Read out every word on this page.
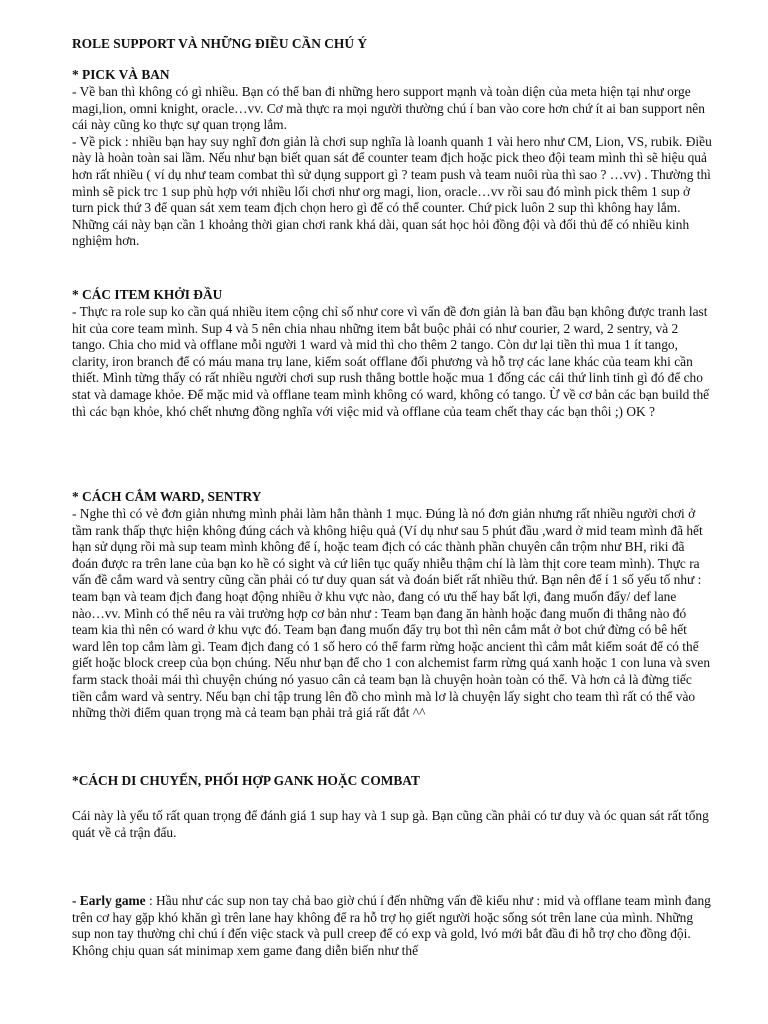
ROLE SUPPORT VÀ NHỮNG ĐIỀU CẦN CHÚ Ý

* PICK VÀ BAN

- Về ban thì không có gì nhiều. Bạn có thể ban đi những hero support mạnh và toàn diện của meta hiện tại như orge magi,lion, omni knight, oracle…vv. Cơ mà thực ra mọi người thường chú í ban vào core hơn chứ ít ai ban support nên cái này cũng ko thực sự quan trọng lắm.

- Về pick : nhiều bạn hay suy nghĩ đơn giản là chơi sup nghĩa là loanh quanh 1 vài hero như CM, Lion, VS, rubik. Điều này là hoàn toàn sai lầm. Nếu như bạn biết quan sát để counter team địch hoặc pick theo đội team mình thì sẽ hiệu quả hơn rất nhiều ( ví dụ như team combat thì sử dụng support gì ? team push và team nuôi rùa thì sao ? …vv) . Thường thì mình sẽ pick trc 1 sup phù hợp với nhiều lối chơi như org magi, lion, oracle…vv rồi sau đó mình pick thêm 1 sup ở turn pick thứ 3 để quan sát xem team địch chọn hero gì để có thể counter. Chứ pick luôn 2 sup thì không hay lắm. Những cái này bạn cần 1 khoảng thời gian chơi rank khá dài, quan sát học hỏi đồng đội và đối thủ để có nhiều kinh nghiệm hơn.

* CÁC ITEM KHỞI ĐẦU

- Thực ra role sup ko cần quá nhiều item cộng chỉ số như core vì vấn đề đơn giản là ban đầu bạn không được tranh last hit của core team mình. Sup 4 và 5 nên chia nhau những item bắt buộc phải có như courier, 2 ward, 2 sentry, và 2 tango. Chia cho mid và offlane mỗi người 1 ward và mid thì cho thêm 2 tango. Còn dư lại tiền thì mua 1 ít tango, clarity, iron branch để có máu mana trụ lane, kiểm soát offlane đối phương và hỗ trợ các lane khác của team khi cần thiết. Mình từng thấy có rất nhiều người chơi sup rush thẳng bottle hoặc mua 1 đống các cái thứ linh tinh gì đó để cho stat và damage khỏe. Để mặc mid và offlane team mình không có ward, không có tango. Ừ về cơ bản các bạn build thế thì các bạn khỏe, khó chết nhưng đồng nghĩa với việc mid và offlane của team chết thay các bạn thôi ;) OK ?

* CÁCH CẮM WARD, SENTRY

- Nghe thì có vẻ đơn giản nhưng mình phải làm hẳn thành 1 mục. Đúng là nó đơn giản nhưng rất nhiều người chơi ở tầm rank thấp thực hiện không đúng cách và không hiệu quả (Ví dụ như sau 5 phút đầu ,ward ở mid team mình đã hết hạn sử dụng rồi mà sup team mình không để í, hoặc team địch có các thành phần chuyên cắn trộm như BH, riki đã đoán được ra trên lane của bạn ko hề có sight và cứ liên tục quấy nhiễu thậm chí là làm thịt core team mình). Thực ra vấn đề cắm ward và sentry cũng cần phải có tư duy quan sát và đoán biết rất nhiều thứ. Bạn nên để í 1 số yếu tố như : team bạn và team địch đang hoạt động nhiều ở khu vực nào, đang có ưu thế hay bất lợi, đang muốn đẩy/ def lane nào…vv. Mình có thể nêu ra vài trường hợp cơ bản như : Team bạn đang ăn hành hoặc đang muốn đi thẳng nào đó team kia thì nên có ward ở khu vực đó. Team bạn đang muốn đẩy trụ bot thì nên cắm mắt ở bot chứ đừng có bê hết ward lên top cắm làm gì. Team địch đang có 1 số hero có thể farm rừng hoặc ancient thì cắm mắt kiểm soát để có thể giết hoặc block creep của bọn chúng. Nếu như bạn để cho 1 con alchemist farm rừng quá xanh hoặc 1 con luna và sven farm stack thoải mái thì chuyện chúng nó yasuo cân cả team bạn là chuyện hoàn toàn có thể. Và hơn cả là đừng tiếc tiền cắm ward và sentry. Nếu bạn chỉ tập trung lên đồ cho mình mà lơ là chuyện lấy sight cho team thì rất có thể vào những thời điểm quan trọng mà cả team bạn phải trả giá rất đắt ^^

*CÁCH DI CHUYỂN, PHỐI HỢP GANK HOẶC COMBAT

Cái này là yếu tố rất quan trọng để đánh giá 1 sup hay và 1 sup gà. Bạn cũng cần phải có tư duy và óc quan sát rất tổng quát về cả trận đấu.

- Early game : Hầu như các sup non tay chả bao giờ chú í đến những vấn đề kiểu như : mid và offlane team mình đang trên cơ hay gặp khó khăn gì trên lane hay không để ra hỗ trợ họ giết người hoặc sống sót trên lane của mình. Những sup non tay thường chỉ chú í đến việc stack và pull creep để có exp và gold, lvó mới bắt đầu đi hỗ trợ cho đồng đội. Không chịu quan sát minimap xem game đang diễn biến như thế
